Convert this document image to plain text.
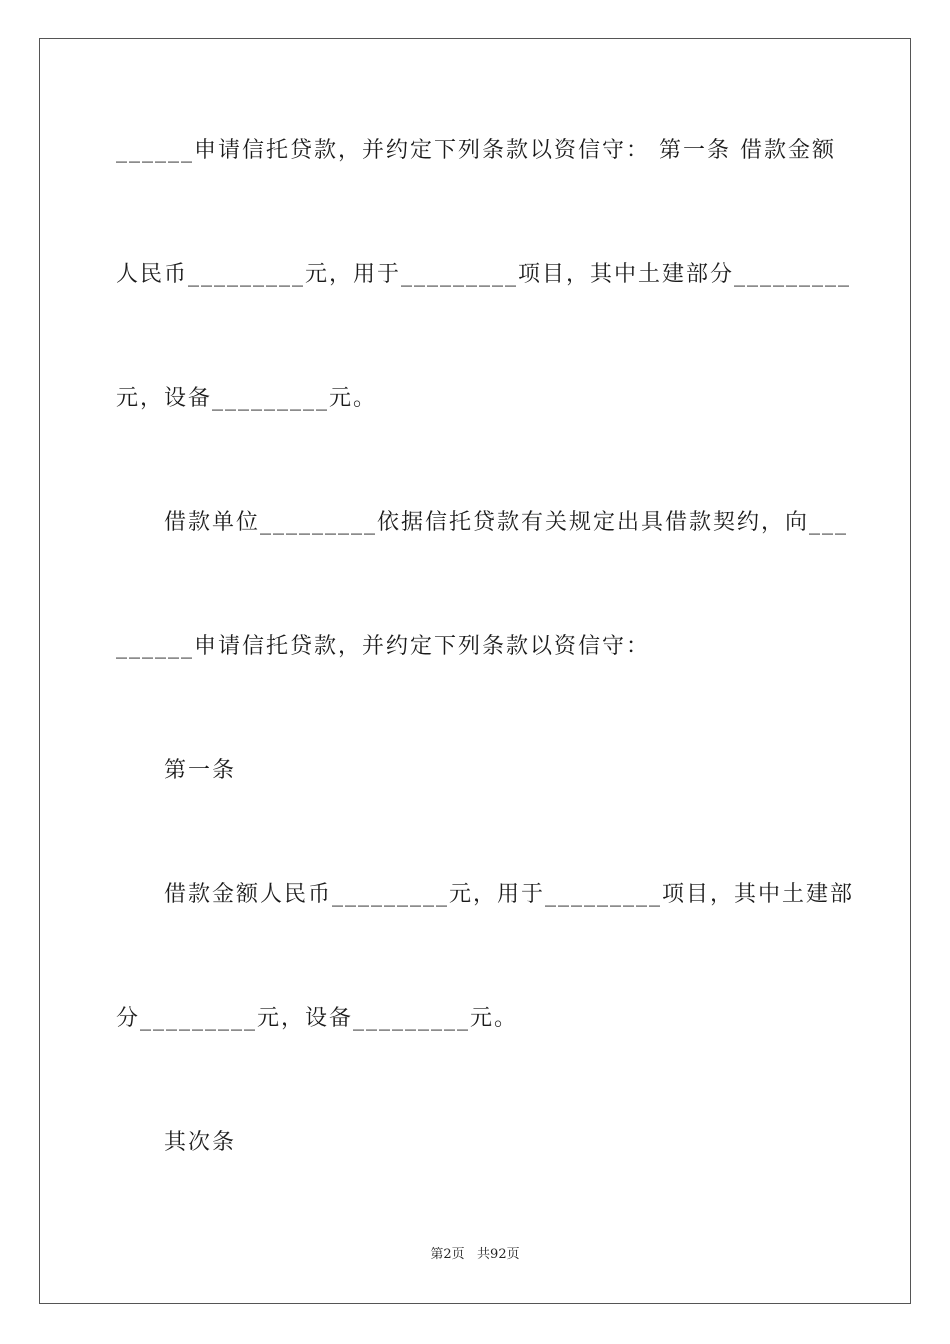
______申请信托贷款，并约定下列条款以资信守： 第一条 借款金额
人民币_________元，用于_________项目，其中土建部分_________
元，设备_________元。
借款单位_________依据信托贷款有关规定出具借款契约，向___
______申请信托贷款，并约定下列条款以资信守：
第一条
借款金额人民币_________元，用于_________项目，其中土建部
分_________元，设备_________元。
其次条
第2页   共92页
